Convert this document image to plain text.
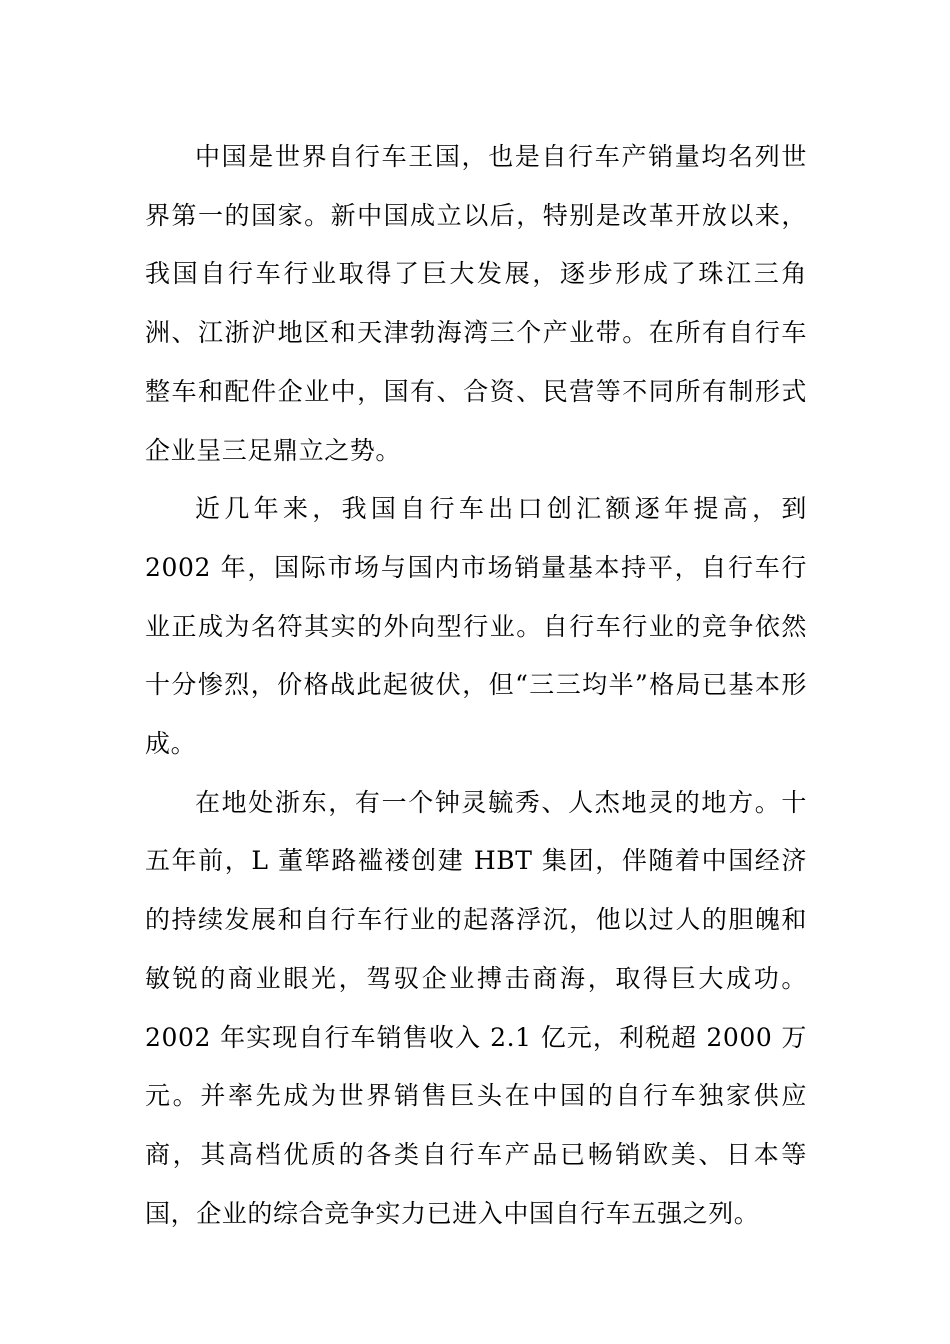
中国是世界自行车王国，也是自行车产销量均名列世界第一的国家。新中国成立以后，特别是改革开放以来，我国自行车行业取得了巨大发展，逐步形成了珠江三角洲、江浙沪地区和天津勃海湾三个产业带。在所有自行车整车和配件企业中，国有、合资、民营等不同所有制形式企业呈三足鼎立之势。

近几年来，我国自行车出口创汇额逐年提高，到 2002 年，国际市场与国内市场销量基本持平，自行车行业正成为名符其实的外向型行业。自行车行业的竞争依然十分惨烈，价格战此起彼伏，但“三三均半”格局已基本形成。

在地处浙东，有一个钟灵毓秀、人杰地灵的地方。十五年前，L 董筚路褴褛创建 HBT 集团，伴随着中国经济的持续发展和自行车行业的起落浮沉，他以过人的胆魄和敏锐的商业眼光，驾驭企业搏击商海，取得巨大成功。2002 年实现自行车销售收入 2.1 亿元，利税超 2000 万元。并率先成为世界销售巨头在中国的自行车独家供应商，其高档优质的各类自行车产品已畅销欧美、日本等国，企业的综合竞争实力已进入中国自行车五强之列。
